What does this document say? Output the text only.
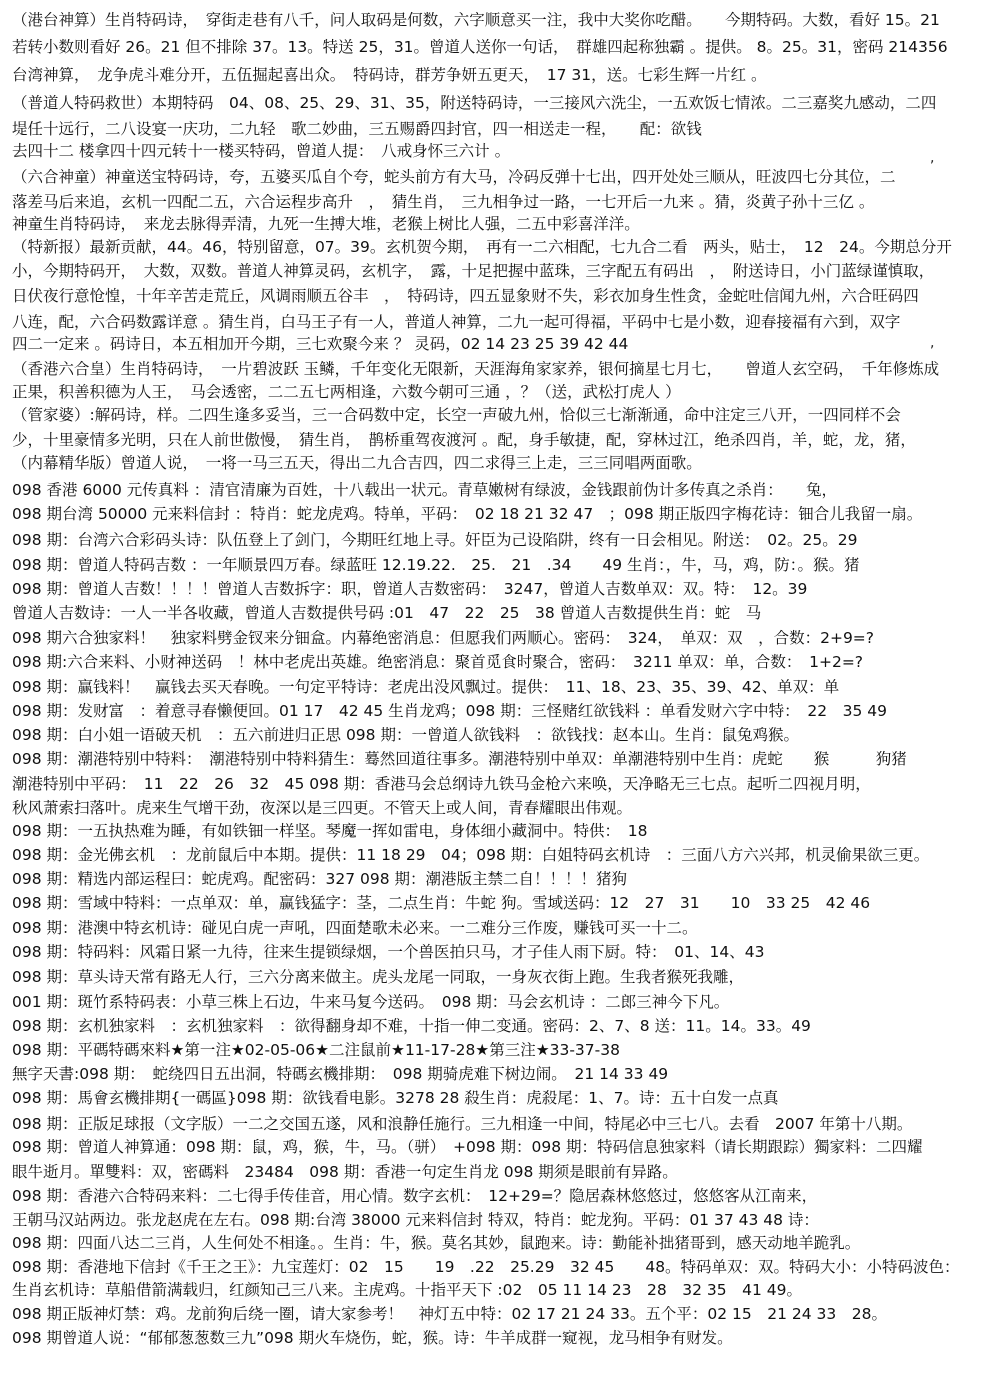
（港台神算）生肖特码诗，　穿街走巷有八千，问人取码是何数，六字顺意买一注，我中大奖你吃醋。　　今期特码。大数，看好 15。21
若转小数则看好 26。21 但不排除 37。13。特送 25，31。曾道人送你一句话，　群雄四起称独霸 。提供。 8。25。31，密码 214356
台湾神算，　龙争虎斗难分开，五伍掘起喜出众。　特码诗，群芳争妍五更天，　17 31，送。七彩生辉一片红 。
（普道人特码救世）本期特码　04、08、25、29、31、35，附送特码诗，一三接风六洗尘，一五欢饭七情浓。二三嘉奖九感动，二四
堤任十远行，二八设宴一庆功，二九轻　歌二妙曲，三五赐爵四封官，四一相送走一程，　　配：欲钱
去四十二 楼拿四十四元转十一楼买特码，曾道人提：　八戒身怀三六计 。
（六合神童）神童送宝特码诗，夸，五婆买瓜自个夸，蛇头前方有大马，冷码反弹十七出，四开处处三顺从，旺波四七分其位，二
落差马后来追，玄机一四配二五，六合运程步高升　，　猜生肖，　三九相争过一路，一七开后一九来 。猜，炎黄子孙十三亿 。
神童生肖特码诗，　来龙去脉得弄清，九死一生搏大堆，老猴上树比人强，二五中彩喜洋洋。
（特新报）最新贡献，44。46，特别留意，07。39。玄机贺今期，　再有一二六相配，七九合二看　两头，贴士，　12　24。今期总分开
小，今期特码开，　大数，双数。普道人神算灵码，玄机字，　露，十足把握中蓝珠，三字配五有码出　，　附送诗日，小门蓝绿谨慎取，
日伏夜行意怆惶，十年辛苦走荒丘，风调雨顺五谷丰　，　特码诗，四五显象财不失，彩衣加身生性贪，金蛇吐信闻九州，六合旺码四
八连，配，六合码数露详意 。猜生肖，白马王子有一人，普道人神算，二九一起可得福，平码中七是小数，迎春接福有六到，双字
四二一定来 。码诗日，本五相加开今期，三七欢聚今来 ？ 灵码，02 14 23 25 39 42 44
（香港六合皇）生肖特码诗，　一片碧波跃 玉鳞，千年变化无限新，天涯海角家家养，银何摘星七月七，　　曾道人玄空码，　千年修炼成
正果，积善积德为人王，　马会透密，二二五七两相逢，六数今朝可三通 ，？（送，武松打虎人 ）
（管家婆）:解码诗，样。二四生逢多妥当，三一合码数中定，长空一声破九州，恰似三七渐渐通，命中注定三八开，一四同样不会
少，十里豪情多光明，只在人前世傲慢，　猜生肖，　鹊桥重驾夜渡河 。配，身手敏捷，配，穿林过江，绝杀四肖，羊，蛇，龙，猪，
（内幕精华版）曾道人说，　一将一马三五天，得出二九合吉四，四二求得三上走，三三同唱两面歌。
098 香港 6000 元传真料 ：清官清廉为百姓，十八载出一状元。青草嫩树有绿波，金钱跟前伪计多传真之杀肖：　　兔，
098 期台湾 50000 元来料信封 ：特肖：蛇龙虎鸡。特单，平码：　02 18 21 32 47　；098 期正版四字梅花诗：钿合儿我留一扇。
098 期：台湾六合彩码头诗：队伍登上了剑门，今期旺红地上寻。奸臣为己设陷阱，终有一日会相见。附送：　02。25。29
098 期：曾道人特码吉数 ：一年顺景四万春。绿蓝旺 12.19.22.　25.　21　.34　　49 生肖：，牛，马，鸡，防：。猴。猪
098 期：曾道人吉数！！！！曾道人吉数拆字：职，曾道人吉数密码：　3247，曾道人吉数单双：双。特：　12。39
曾道人吉数诗：一人一半各收藏，曾道人吉数提供号码 :01　47　22　25　38 曾道人吉数提供生肖：蛇　马
098 期六合独家料！　独家料劈金钗来分钿盒。内幕绝密消息：但愿我们两顺心。密码：　324，　单双：双　，合数：2+9=?
098 期:六合来料、小财神送码　！林中老虎出英雄。绝密消息：聚首觅食时聚合，密码：　3211 单双：单，合数：　1+2=?
098 期：赢钱料！　赢钱去买天春晚。一句定平特诗：老虎出没风飘过。提供：　11、18、23、35、39、42、单双：单
098 期：发财富　：着意寻春懒便回。01 17　42 45 生肖龙鸡；098 期：三怪赌红欲钱料 ：单看发财六字中特：　22　35 49
098 期：白小姐一语破天机　：五六前进归正思 098 期：一曾道人欲钱料　：欲钱找：赵本山。生肖：鼠兔鸡猴。
098 期：潮港特别中特料：　潮港特别中特料猜生：蓦然回道往事多。潮港特别中单双：单潮港特别中生肖：虎蛇　　猴　　　狗猪
潮港特别中平码：　11　22　26　32　45 098 期：香港马会总纲诗九铁马金枪六来唤，天净略无三七点。起听二四视月明，
秋风萧索扫落叶。虎来生气增干劲，夜深以是三四更。不管天上或人间，青春耀眼出伟观。
098 期：一五执热难为睡，有如铁钿一样坚。琴魔一挥如雷电，身体细小藏洞中。特供：　18
098 期：金光佛玄机　：龙前鼠后中本期。提供：11 18 29　04；098 期：白姐特码玄机诗　：三面八方六兴邦，机灵偷果欲三更。
098 期：精选内部运程曰：蛇虎鸡。配密码：327 098 期：潮港版主禁二自！！！！猪狗
098 期：雪域中特料：一点单双：单，赢钱猛字：茎，二点生肖：牛蛇 狗。雪域送码：12　27　31　　10　33 25　42 46
098 期：港澳中特玄机诗：碰见白虎一声吼，四面楚歌未必来。一二难分三作废，赚钱可买一十二。
098 期：特码料：风霜日紧一九待，往来生提锁绿烟，一个兽医拍只马，才子佳人雨下厨。特：　01、14、43
098 期：草头诗天常有路无人行，三六分离来做主。虎头龙尾一同取，一身灰衣街上跑。生我者猴死我雕，
001 期：斑竹系特码表：小草三株上石边，牛来马复今送码。　098 期：马会玄机诗 ：二郎三神今下凡。
098 期：玄机独家料　：玄机独家料　：欲得翻身却不难，十指一伸二变通。密码：2、7、8 送：11。14。33。49
098 期：平碼特碼來料★第一注★02-05-06★二注鼠前★11-17-28★第三注★33-37-38
無字天書:098 期：　蛇绕四日五出洞，特碼玄機排期：　098 期骑虎难下树边闹。　21 14 33 49
098 期：馬會玄機排期{一碼區}098 期：欲钱看电影。3278 28 殺生肖：虎殺尾：1、7。诗：五十白发一点真
098 期：正版足球报（文字版）一二之交国五遂，风和浪静任施行。三九相逢一中间，特尾必中三七八。去看　2007 年第十八期。
098 期：曾道人神算通：098 期：鼠，鸡，猴，牛，马。（骈）　+098 期：098 期：特码信息独家料（请长期跟踪）獨家料：二四耀
眼牛逝月。單雙料：双，密碼料　23484　098 期：香港一句定生肖龙 098 期须是眼前有异路。
098 期：香港六合特码来料：二七得手传佳音，用心情。数字玄机：　12+29=？隐居森林悠悠过，悠悠客从江南来，
王朝马汉站两边。张龙赵虎在左右。098 期:台湾 38000 元来料信封 特双，特肖：蛇龙狗。平码：01 37 43 48 诗：
098 期：四面八达二三肖，人生何处不相逢。。生肖：牛，猴。莫名其妙，鼠跑来。诗：勤能补拙猪哥到，感天动地羊跪乳。
098 期：香港地下信封《千王之王》：九宝莲灯：02　15　　19　.22　25.29　32 45　　48。特码单双：双。特码大小：小特码波色：
生肖玄机诗：草船借箭满载归，红颜知己三八来。主虎鸡。十指平天下 :02　05 11 14 23　28　32 35　41 49。
098 期正版神灯禁：鸡。龙前狗后绕一圈，请大家参考！　神灯五中特：02 17 21 24 33。五个平：02 15　21 24 33　28。
098 期曾道人说：“郁郁葱葱数三九”098 期火车烧伤，蛇，猴。诗：牛羊成群一窥视，龙马相争有财发。
,
,
